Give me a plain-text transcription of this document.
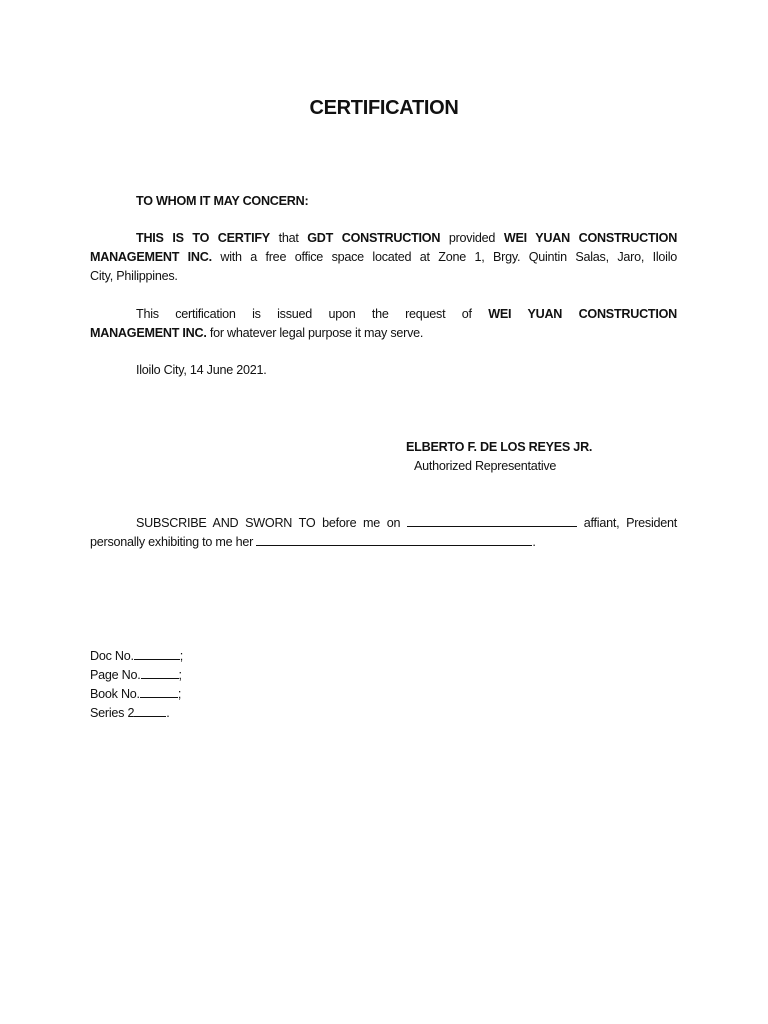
CERTIFICATION
TO WHOM IT MAY CONCERN:
THIS IS TO CERTIFY that GDT CONSTRUCTION provided WEI YUAN CONSTRUCTION
MANAGEMENT INC. with a free office space located at Zone 1, Brgy. Quintin Salas, Jaro, Iloilo
City, Philippines.
This certification is issued upon the request of WEI YUAN CONSTRUCTION
MANAGEMENT INC. for whatever legal purpose it may serve.
Iloilo City, 14 June 2021.
ELBERTO F. DE LOS REYES JR.
Authorized Representative
SUBSCRIBE AND SWORN TO before me on	affiant, President
personally exhibiting to me her	.
Doc No.	;
Page No.	;
Book No.	;
Series 2	.
